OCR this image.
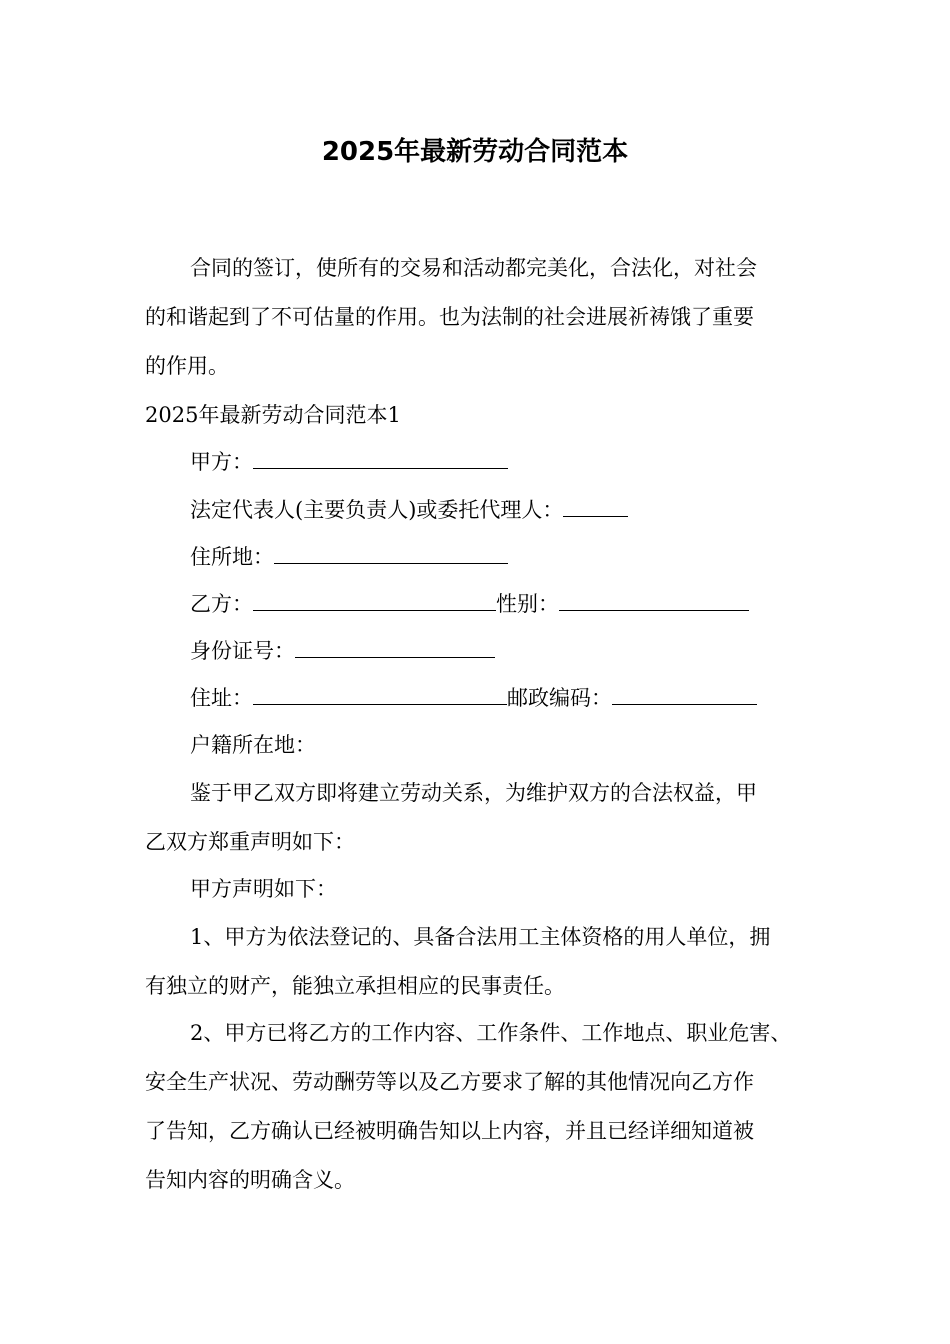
2025年最新劳动合同范本
合同的签订，使所有的交易和活动都完美化，合法化，对社会
的和谐起到了不可估量的作用。也为法制的社会进展祈祷饿了重要
的作用。
2025年最新劳动合同范本1
甲方：
法定代表人(主要负责人)或委托代理人：
住所地：
乙方：	性别：
身份证号：
住址：	邮政编码：
户籍所在地：
鉴于甲乙双方即将建立劳动关系，为维护双方的合法权益，甲
乙双方郑重声明如下：
甲方声明如下：
1、甲方为依法登记的、具备合法用工主体资格的用人单位，拥
有独立的财产，能独立承担相应的民事责任。
2、甲方已将乙方的工作内容、工作条件、工作地点、职业危害、
安全生产状况、劳动酬劳等以及乙方要求了解的其他情况向乙方作
了告知，乙方确认已经被明确告知以上内容，并且已经详细知道被
告知内容的明确含义。
